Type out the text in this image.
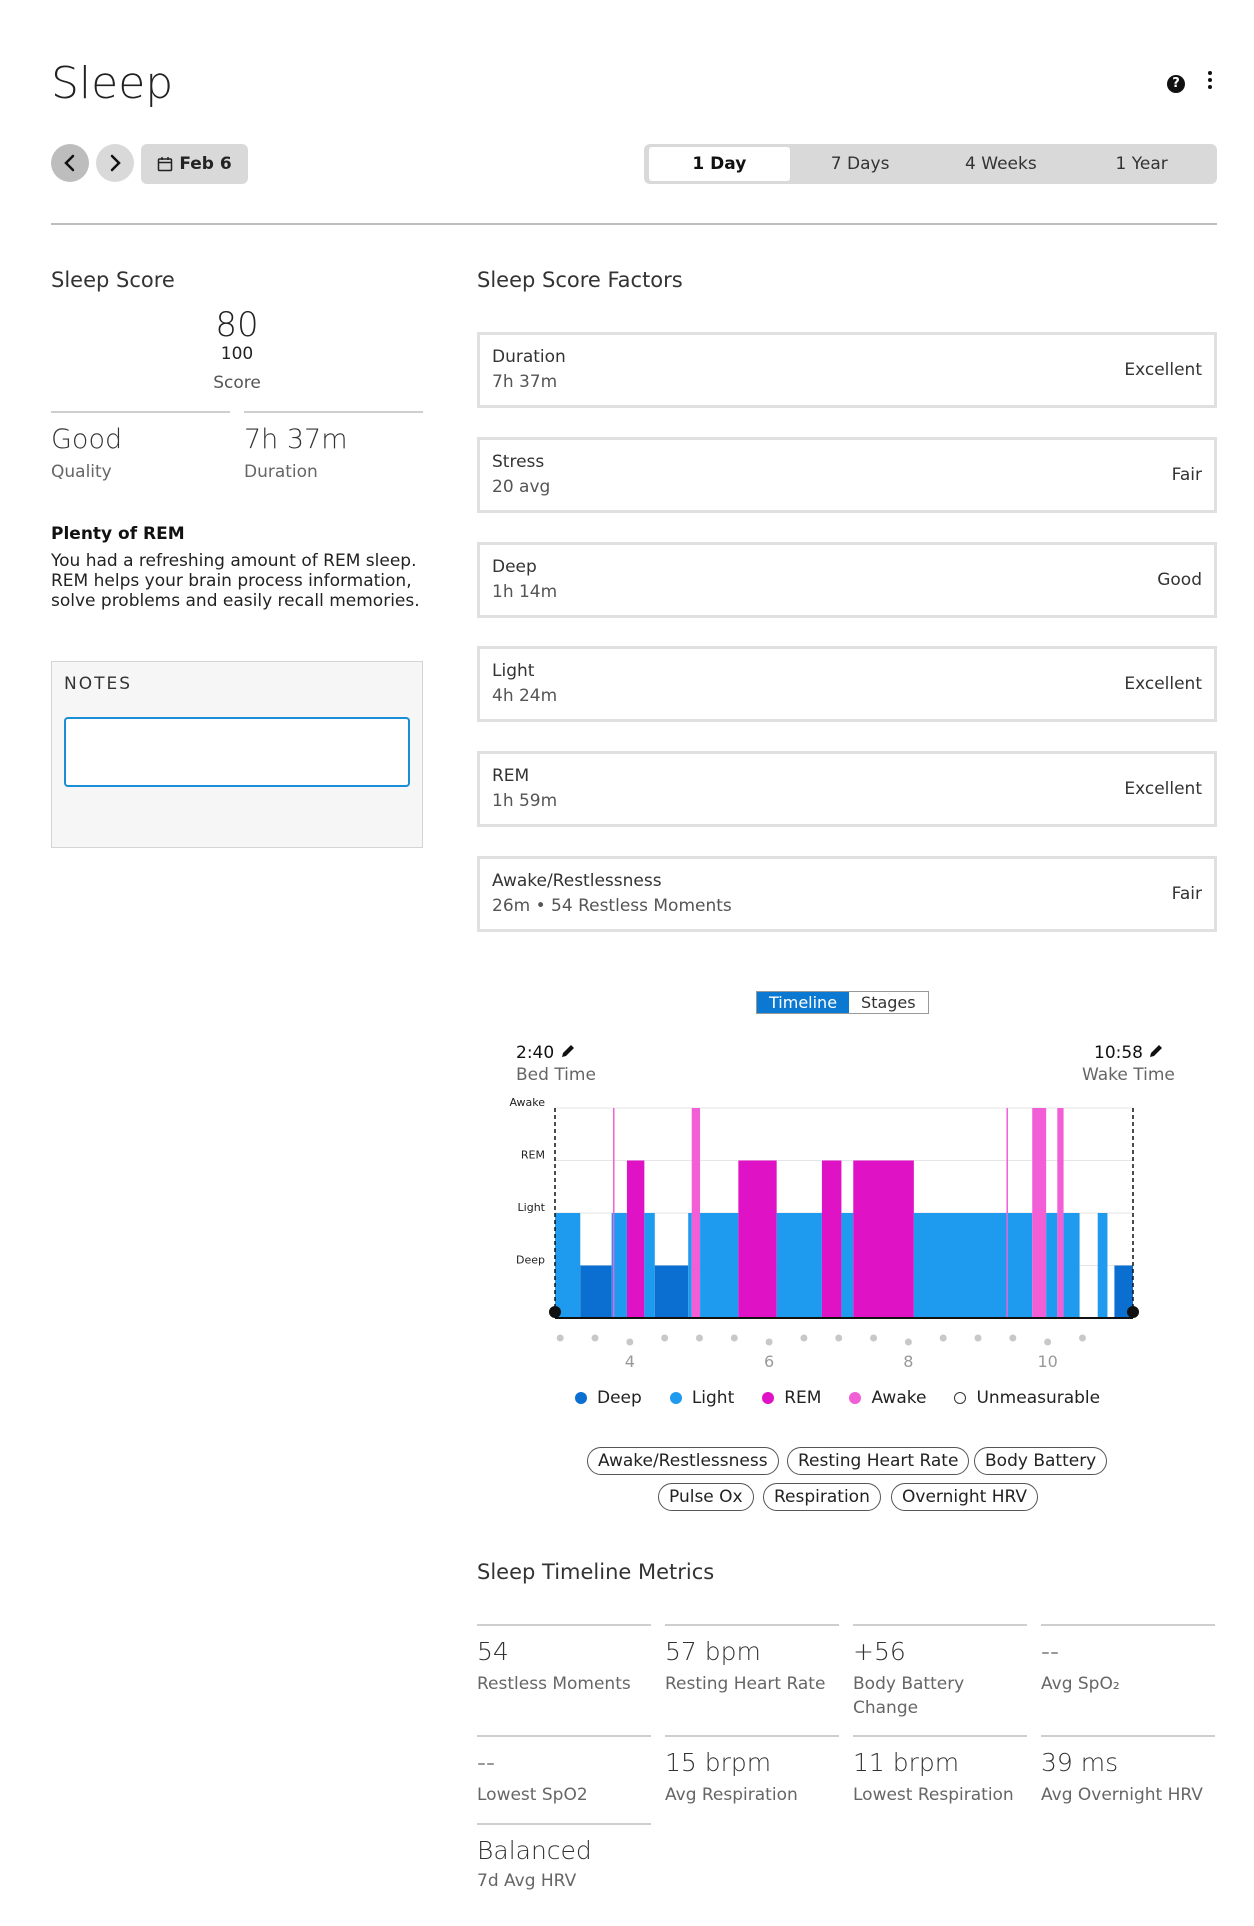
Sleep	?
Feb 6	1 Day	7 Days	4 Weeks	1 Year
Sleep Score
80
100
Score
Good
Quality
7h 37m
Duration
Plenty of REM
You had a refreshing amount of REM sleep. REM helps your brain process information, solve problems and easily recall memories.
NOTES
Sleep Score Factors
Duration
7h 37m
Excellent
Stress
20 avg
Fair
Deep
1h 14m
Good
Light
4h 24m
Excellent
REM
1h 59m
Excellent
Awake/Restlessness
26m • 54 Restless Moments
Fair
Timeline	Stages
2:40
Bed Time
10:58
Wake Time
Awake
REM
Light
Deep
4	6	8	10
Deep	Light	REM	Awake	Unmeasurable
Awake/Restlessness	Resting Heart Rate	Body Battery
Pulse Ox	Respiration	Overnight HRV
Sleep Timeline Metrics
54
Restless Moments
57 bpm
Resting Heart Rate
+56
Body Battery Change
--
Avg SpO₂
--
Lowest SpO2
15 brpm
Avg Respiration
11 brpm
Lowest Respiration
39 ms
Avg Overnight HRV
Balanced
7d Avg HRV
